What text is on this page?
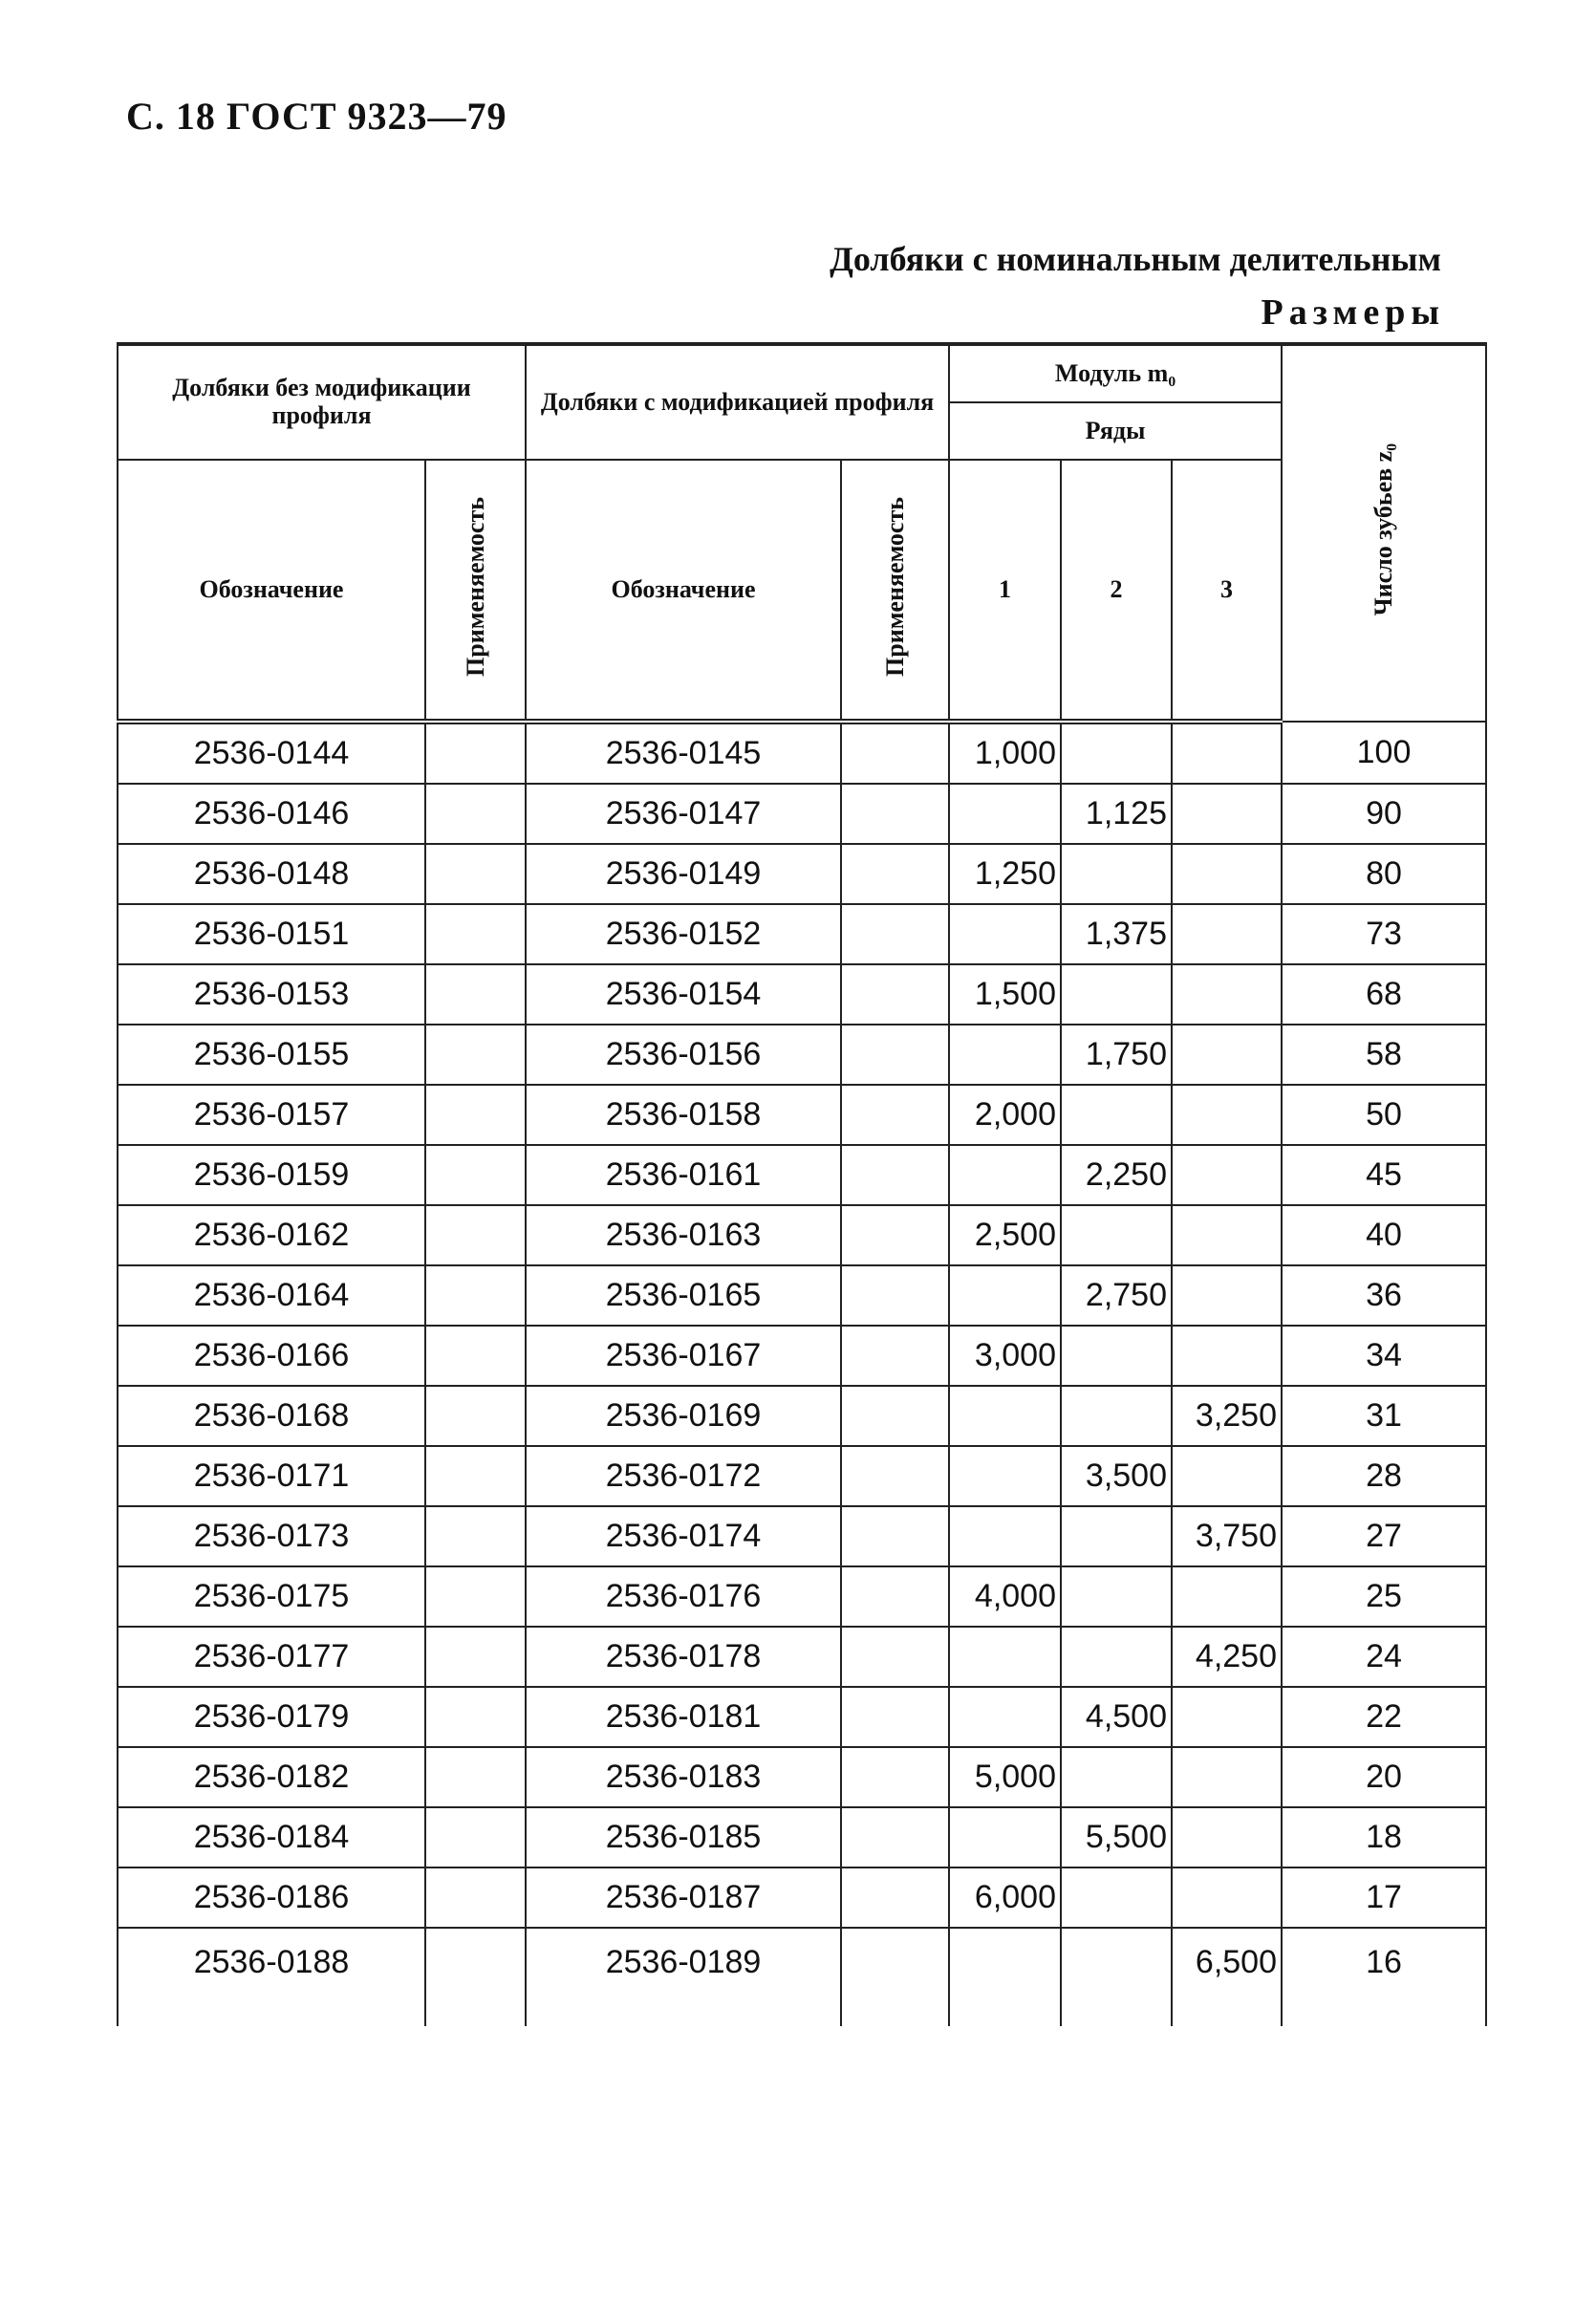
С. 18 ГОСТ 9323—79
Долбяки с номинальным делительным
Размеры
Долбяки без модификации профиля		Долбяки с модификацией профиля		Модуль m₀			Число зубьев z₀
				Ряды			
Обозначение	Применяемость	Обозначение	Применяемость	1	2	3	
2536-0144		2536-0145		1,000			100
2536-0146		2536-0147			1,125		90
2536-0148		2536-0149		1,250			80
2536-0151		2536-0152			1,375		73
2536-0153		2536-0154		1,500			68
2536-0155		2536-0156			1,750		58
2536-0157		2536-0158		2,000			50
2536-0159		2536-0161			2,250		45
2536-0162		2536-0163		2,500			40
2536-0164		2536-0165			2,750		36
2536-0166		2536-0167		3,000			34
2536-0168		2536-0169				3,250	31
2536-0171		2536-0172			3,500		28
2536-0173		2536-0174				3,750	27
2536-0175		2536-0176		4,000			25
2536-0177		2536-0178				4,250	24
2536-0179		2536-0181			4,500		22
2536-0182		2536-0183		5,000			20
2536-0184		2536-0185			5,500		18
2536-0186		2536-0187		6,000			17
2536-0188		2536-0189				6,500	16
